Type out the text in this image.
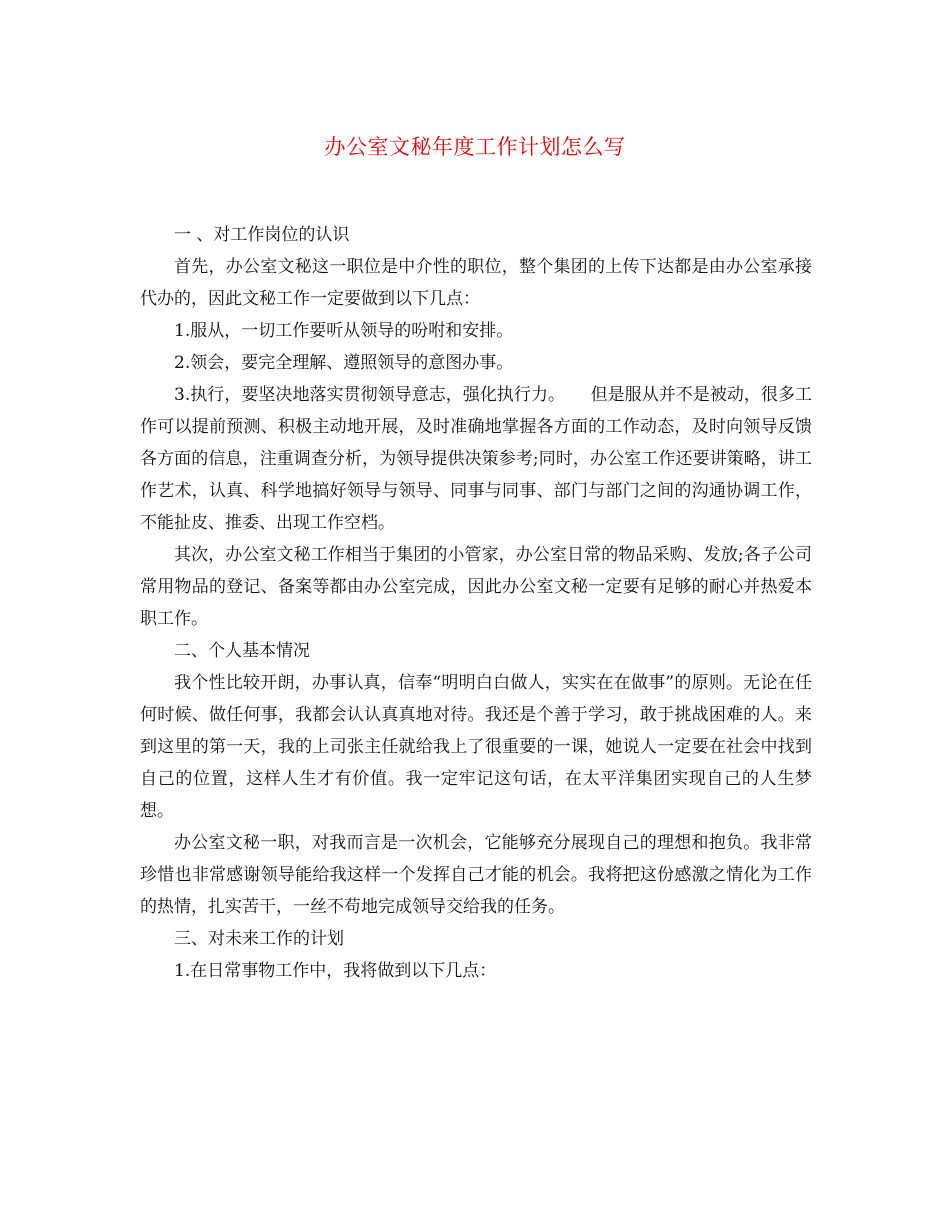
办公室文秘年度工作计划怎么写

一 、对工作岗位的认识

首先，办公室文秘这一职位是中介性的职位，整个集团的上传下达都是由办公室承接代办的，因此文秘工作一定要做到以下几点：

1.服从，一切工作要听从领导的吩咐和安排。

2.领会，要完全理解、遵照领导的意图办事。

3.执行，要坚决地落实贯彻领导意志，强化执行力。　　但是服从并不是被动，很多工作可以提前预测、积极主动地开展，及时准确地掌握各方面的工作动态，及时向领导反馈各方面的信息，注重调查分析，为领导提供决策参考;同时，办公室工作还要讲策略，讲工作艺术，认真、科学地搞好领导与领导、同事与同事、部门与部门之间的沟通协调工作，不能扯皮、推委、出现工作空档。

其次，办公室文秘工作相当于集团的小管家，办公室日常的物品采购、发放;各子公司常用物品的登记、备案等都由办公室完成，因此办公室文秘一定要有足够的耐心并热爱本职工作。

二、个人基本情况

我个性比较开朗，办事认真，信奉“明明白白做人，实实在在做事”的原则。无论在任何时候、做任何事，我都会认认真真地对待。我还是个善于学习，敢于挑战困难的人。来到这里的第一天，我的上司张主任就给我上了很重要的一课，她说人一定要在社会中找到自己的位置，这样人生才有价值。我一定牢记这句话，在太平洋集团实现自己的人生梦想。

办公室文秘一职，对我而言是一次机会，它能够充分展现自己的理想和抱负。我非常珍惜也非常感谢领导能给我这样一个发挥自己才能的机会。我将把这份感激之情化为工作的热情，扎实苦干，一丝不苟地完成领导交给我的任务。

三、对未来工作的计划

1.在日常事物工作中，我将做到以下几点：
